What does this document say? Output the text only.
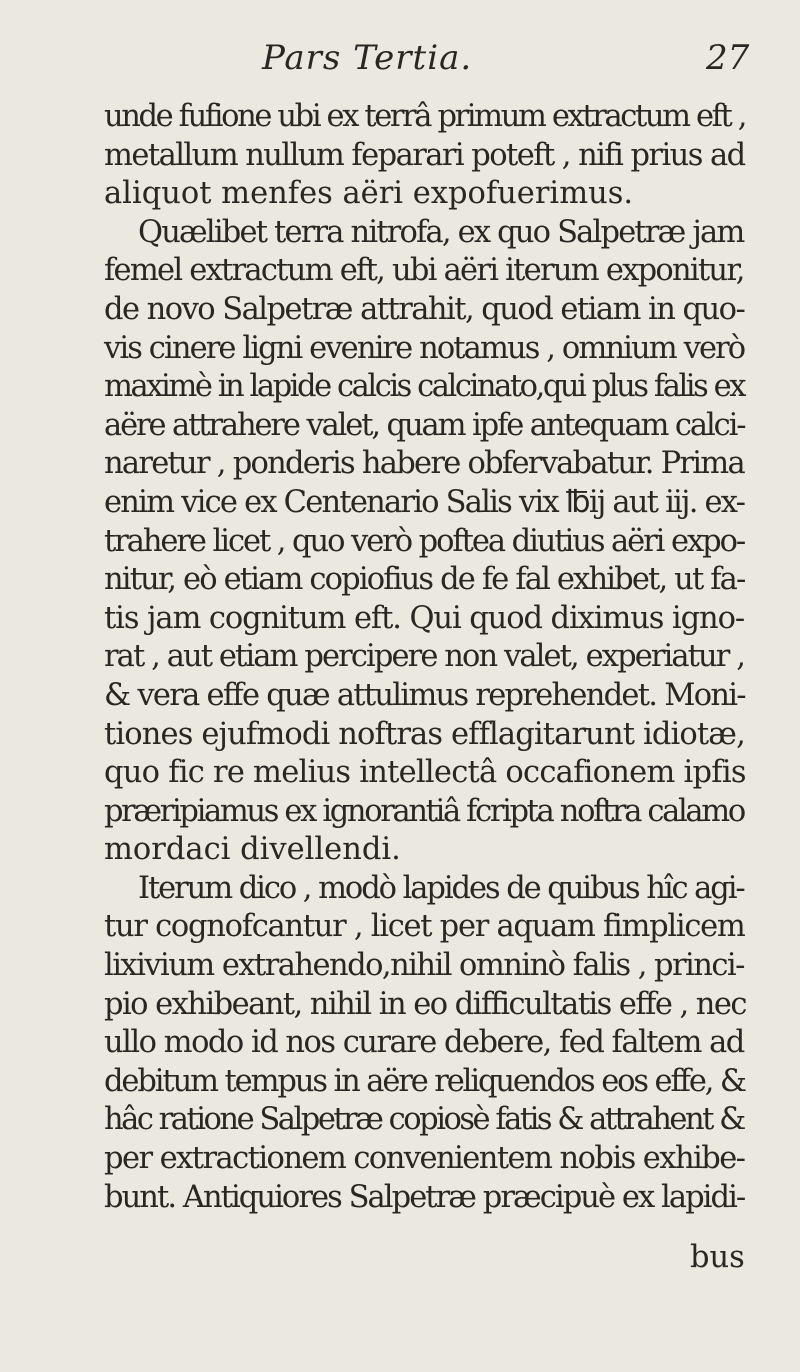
Pars Tertia.	27
unde fufione ubi ex terrâ primum extractum eft ,
metallum nullum feparari poteft , nifi prius ad
aliquot menfes aëri expofuerimus.
Quælibet terra nitrofa, ex quo Salpetræ jam
femel extractum eft, ubi aëri iterum exponitur,
de novo Salpetræ attrahit, quod etiam in quo-
vis cinere ligni evenire notamus , omnium verò
maximè in lapide calcis calcinato,qui plus falis ex
aëre attrahere valet, quam ipfe antequam calci-
naretur , ponderis habere obfervabatur. Prima
enim vice ex Centenario Salis vix ℔ij aut iij. ex-
trahere licet , quo verò poftea diutius aëri expo-
nitur, eò etiam copiofius de fe fal exhibet, ut fa-
tis jam cognitum eft. Qui quod diximus igno-
rat , aut etiam percipere non valet, experiatur ,
& vera effe quæ attulimus reprehendet. Moni-
tiones ejufmodi noftras efflagitarunt idiotæ,
quo fic re melius intellectâ occafionem ipfis
præripiamus ex ignorantiâ fcripta noftra calamo
mordaci divellendi.
Iterum dico , modò lapides de quibus hîc agi-
tur cognofcantur , licet per aquam fimplicem
lixivium extrahendo,nihil omninò falis , princi-
pio exhibeant, nihil in eo difficultatis effe , nec
ullo modo id nos curare debere, fed faltem ad
debitum tempus in aëre reliquendos eos effe, &
hâc ratione Salpetræ copiosè fatis & attrahent &
per extractionem convenientem nobis exhibe-
bunt. Antiquiores Salpetræ præcipuè ex lapidi-
bus
